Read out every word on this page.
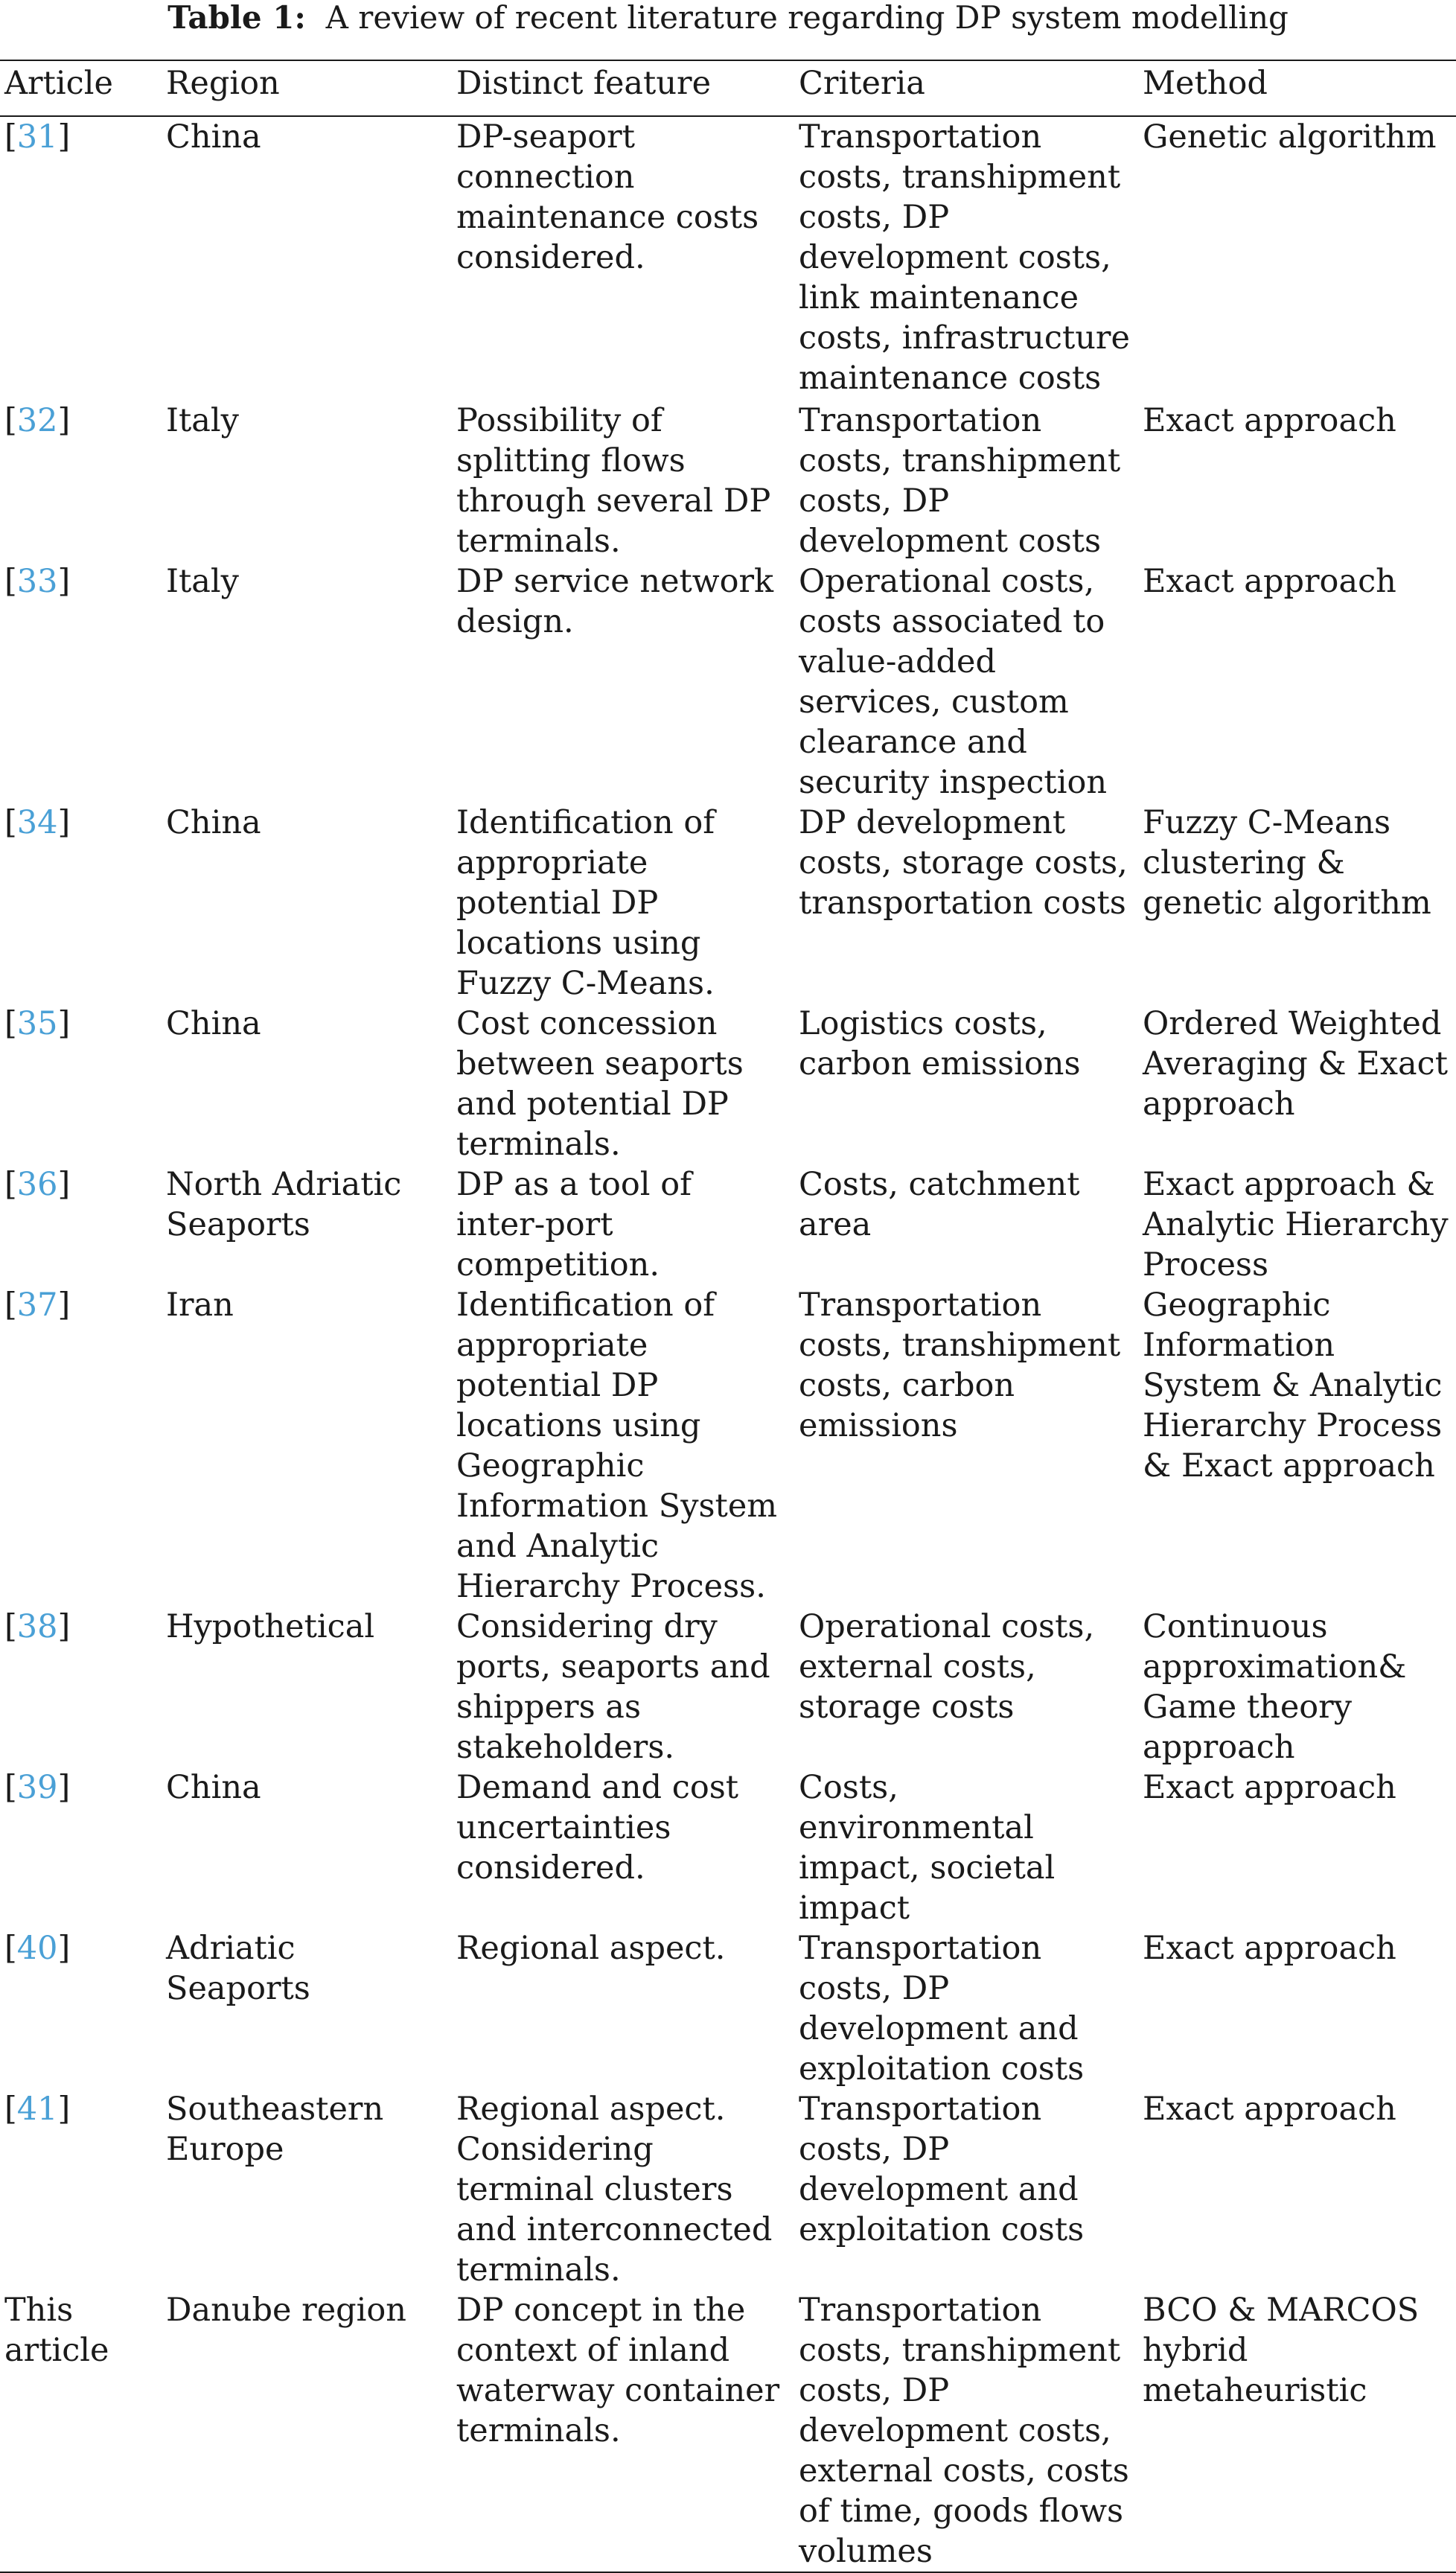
Table 1: A review of recent literature regarding DP system modelling
Article	Region	Distinct feature	Criteria	Method
[31]	China	DP-seaport connection maintenance costs considered.	Transportation costs, transhipment costs, DP development costs, link maintenance costs, infrastructure maintenance costs	Genetic algorithm
[32]	Italy	Possibility of splitting flows through several DP terminals.	Transportation costs, transhipment costs, DP development costs	Exact approach
[33]	Italy	DP service network design.	Operational costs, costs associated to value-added services, custom clearance and security inspection	Exact approach
[34]	China	Identification of appropriate potential DP locations using Fuzzy C-Means.	DP development costs, storage costs, transportation costs	Fuzzy C-Means clustering & genetic algorithm
[35]	China	Cost concession between seaports and potential DP terminals.	Logistics costs, carbon emissions	Ordered Weighted Averaging & Exact approach
[36]	North Adriatic Seaports	DP as a tool of inter-port competition.	Costs, catchment area	Exact approach & Analytic Hierarchy Process
[37]	Iran	Identification of appropriate potential DP locations using Geographic Information System and Analytic Hierarchy Process.	Transportation costs, transhipment costs, carbon emissions	Geographic Information System & Analytic Hierarchy Process & Exact approach
[38]	Hypothetical	Considering dry ports, seaports and shippers as stakeholders.	Operational costs, external costs, storage costs	Continuous approximation& Game theory approach
[39]	China	Demand and cost uncertainties considered.	Costs, environmental impact, societal impact	Exact approach
[40]	Adriatic Seaports	Regional aspect.	Transportation costs, DP development and exploitation costs	Exact approach
[41]	Southeastern Europe	Regional aspect. Considering terminal clusters and interconnected terminals.	Transportation costs, DP development and exploitation costs	Exact approach
This article	Danube region	DP concept in the context of inland waterway container terminals.	Transportation costs, transhipment costs, DP development costs, external costs, costs of time, goods flows volumes	BCO & MARCOS hybrid metaheuristic
